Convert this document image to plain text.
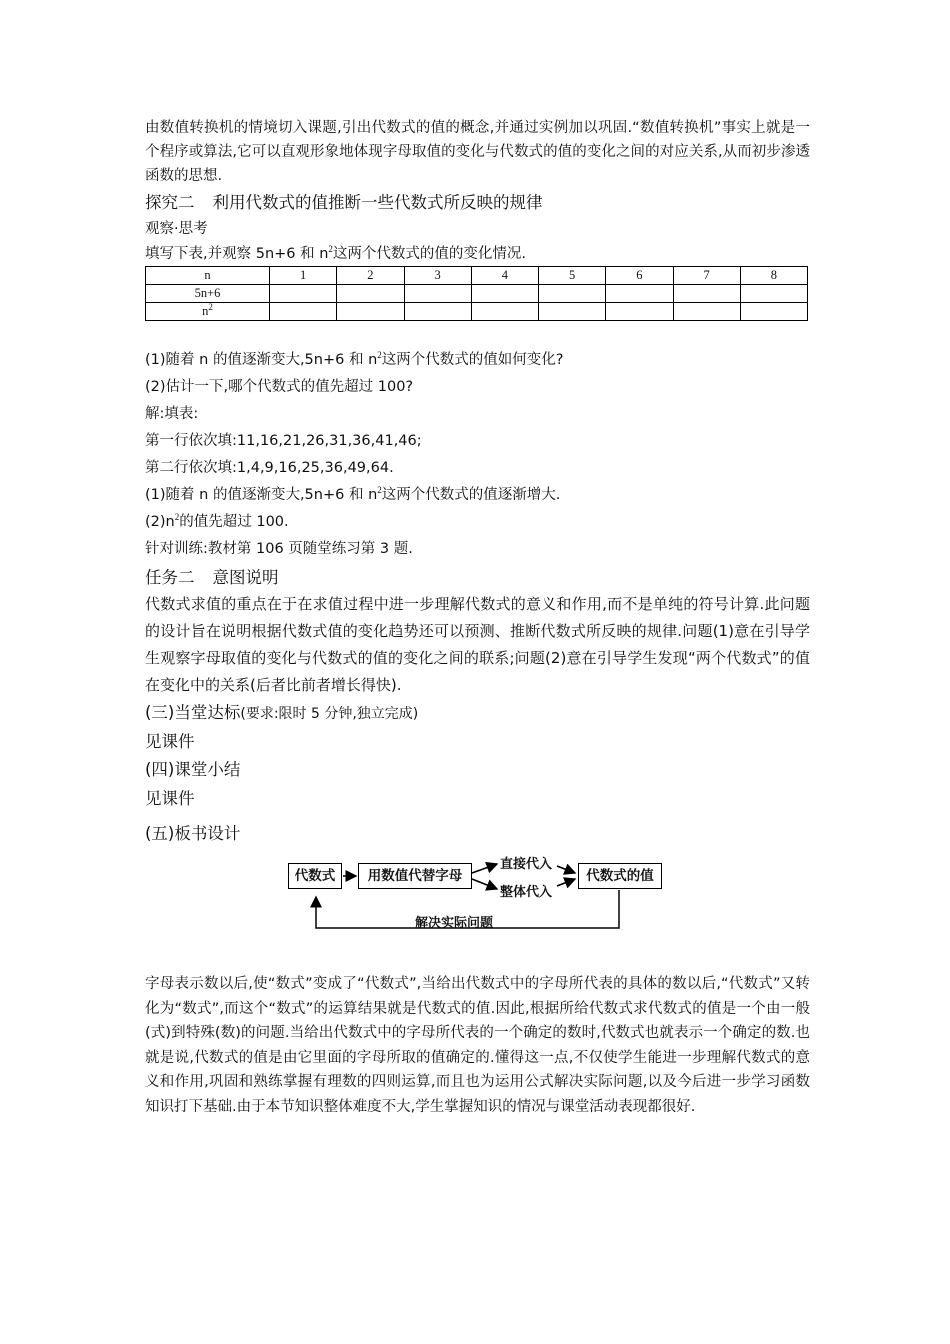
由数值转换机的情境切入课题,引出代数式的值的概念,并通过实例加以巩固.“数值转换机”事实上就是一个程序或算法,它可以直观形象地体现字母取值的变化与代数式的值的变化之间的对应关系,从而初步渗透函数的思想.

探究二 利用代数式的值推断一些代数式所反映的规律

观察·思考

填写下表,并观察 5n+6 和 $n^2$这两个代数式的值的变化情况.

n	1	2	3	4	5	6	7	8
5n+6								
$n^2$								

(1)随着 n 的值逐渐变大,5n+6 和 $n^2$这两个代数式的值如何变化?

(2)估计一下,哪个代数式的值先超过 100?

解:填表:

第一行依次填:11,16,21,26,31,36,41,46;

第二行依次填:1,4,9,16,25,36,49,64.

(1)随着 n 的值逐渐变大,5n+6 和 $n^2$这两个代数式的值逐渐增大.

$(2)n^2$的值先超过 100.

针对训练:教材第 106 页随堂练习第 3 题.

任务二 意图说明

代数式求值的重点在于在求值过程中进一步理解代数式的意义和作用,而不是单纯的符号计算.此问题的设计旨在说明根据代数式值的变化趋势还可以预测、推断代数式所反映的规律.问题(1)意在引导学生观察字母取值的变化与代数式的值的变化之间的联系;问题(2)意在引导学生发现“两个代数式”的值在变化中的关系(后者比前者增长得快).

(三)当堂达标(要求:限时 5 分钟,独立完成)

见课件

(四)课堂小结

见课件

(五)板书设计

代数式	用数值代替字母
直接代入
整体代入
代数式的值
解决实际问题

字母表示数以后,使“数式”变成了“代数式”,当给出代数式中的字母所代表的具体的数以后,“代数式”又转化为“数式”,而这个“数式”的运算结果就是代数式的值.因此,根据所给代数式求代数式的值是一个由一般(式)到特殊(数)的问题.当给出代数式中的字母所代表的一个确定的数时,代数式也就表示一个确定的数.也就是说,代数式的值是由它里面的字母所取的值确定的.懂得这一点,不仅使学生能进一步理解代数式的意义和作用,巩固和熟练掌握有理数的四则运算,而且也为运用公式解决实际问题,以及今后进一步学习函数知识打下基础.由于本节知识整体难度不大,学生掌握知识的情况与课堂活动表现都很好.
